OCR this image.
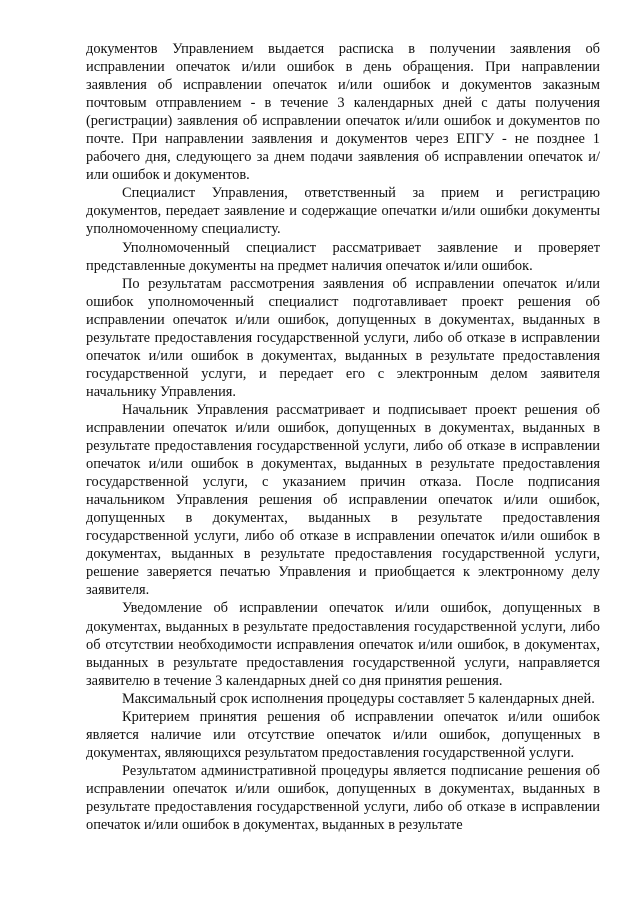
документов Управлением выдается расписка в получении заявления об исправлении опечаток и/или ошибок в день обращения. При направлении заявления об исправлении опечаток и/или ошибок и документов заказным почтовым отправлением - в течение 3 календарных дней с даты получения (регистрации) заявления об исправлении опечаток и/или ошибок и документов по почте. При направлении заявления и документов через ЕПГУ - не позднее 1 рабочего дня, следующего за днем подачи заявления об исправлении опечаток и/или ошибок и документов.

Специалист Управления, ответственный за прием и регистрацию документов, передает заявление и содержащие опечатки и/или ошибки документы уполномоченному специалисту.

Уполномоченный специалист рассматривает заявление и проверяет представленные документы на предмет наличия опечаток и/или ошибок.

По результатам рассмотрения заявления об исправлении опечаток и/или ошибок уполномоченный специалист подготавливает проект решения об исправлении опечаток и/или ошибок, допущенных в документах, выданных в результате предоставления государственной услуги, либо об отказе в исправлении опечаток и/или ошибок в документах, выданных в результате предоставления государственной услуги, и передает его с электронным делом заявителя начальнику Управления.

Начальник Управления рассматривает и подписывает проект решения об исправлении опечаток и/или ошибок, допущенных в документах, выданных в результате предоставления государственной услуги, либо об отказе в исправлении опечаток и/или ошибок в документах, выданных в результате предоставления государственной услуги, с указанием причин отказа. После подписания начальником Управления решения об исправлении опечаток и/или ошибок, допущенных в документах, выданных в результате предоставления государственной услуги, либо об отказе в исправлении опечаток и/или ошибок в документах, выданных в результате предоставления государственной услуги, решение заверяется печатью Управления и приобщается к электронному делу заявителя.

Уведомление об исправлении опечаток и/или ошибок, допущенных в документах, выданных в результате предоставления государственной услуги, либо об отсутствии необходимости исправления опечаток и/или ошибок, в документах, выданных в результате предоставления государственной услуги, направляется заявителю в течение 3 календарных дней со дня принятия решения.

Максимальный срок исполнения процедуры составляет 5 календарных дней.

Критерием принятия решения об исправлении опечаток и/или ошибок является наличие или отсутствие опечаток и/или ошибок, допущенных в документах, являющихся результатом предоставления государственной услуги.

Результатом административной процедуры является подписание решения об исправлении опечаток и/или ошибок, допущенных в документах, выданных в результате предоставления государственной услуги, либо об отказе в исправлении опечаток и/или ошибок в документах, выданных в результате
